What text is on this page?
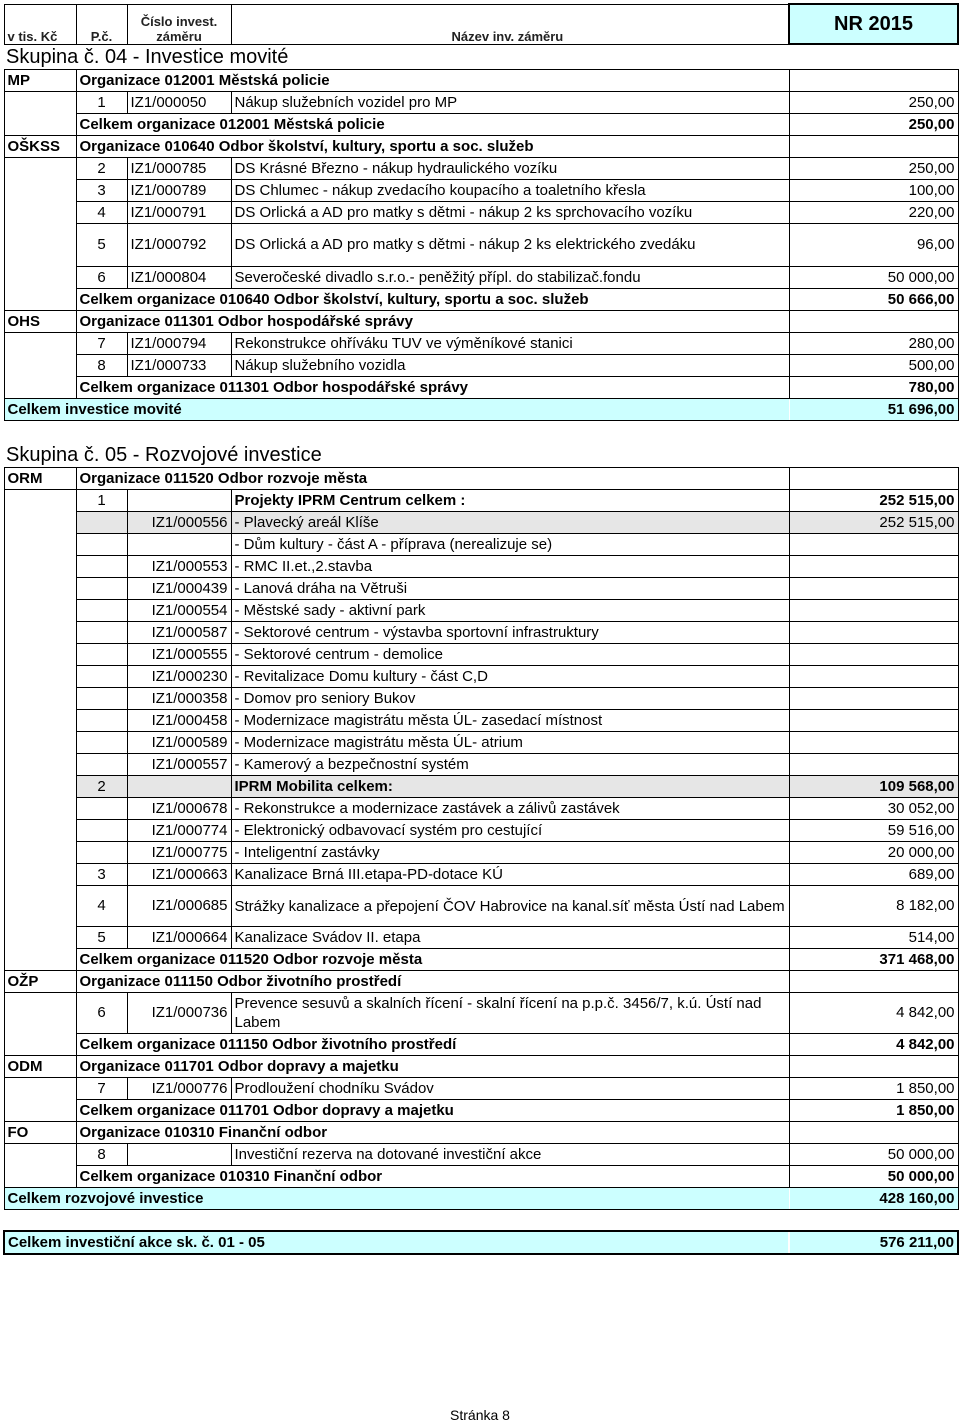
v tis. Kč	P.č.	Číslo invest. záměru	Název inv. záměru	NR 2015
Skupina č. 04 - Investice movité				
MP	Organizace 012001 Městská policie			
	1	IZ1/000050	Nákup služebních vozidel pro MP	250,00
	Celkem organizace 012001 Městská policie			250,00
OŠKSS	Organizace 010640 Odbor školství, kultury, sportu a soc. služeb			
	2	IZ1/000785	DS Krásné Březno - nákup hydraulického vozíku	250,00
	3	IZ1/000789	DS Chlumec - nákup zvedacího koupacího a toaletního křesla	100,00
	4	IZ1/000791	DS Orlická a AD pro matky s dětmi - nákup 2 ks sprchovacího vozíku	220,00
	5	IZ1/000792	DS Orlická a AD pro matky s dětmi - nákup 2 ks elektrického zvedáku	96,00
	6	IZ1/000804	Severočeské divadlo s.r.o.- peněžitý přípl. do stabilizač.fondu	50 000,00
	Celkem organizace 010640 Odbor školství, kultury, sportu a soc. služeb			50 666,00
OHS	Organizace 011301 Odbor hospodářské správy			
	7	IZ1/000794	Rekonstrukce ohříváku TUV ve výměníkové stanici	280,00
	8	IZ1/000733	Nákup služebního vozidla	500,00
	Celkem organizace 011301 Odbor hospodářské správy			780,00
Celkem investice movité				51 696,00

Skupina č. 05 - Rozvojové investice				
ORM	Organizace 011520 Odbor rozvoje města			
	1		Projekty IPRM Centrum celkem :	252 515,00
		IZ1/000556	- Plavecký areál Klíše	252 515,00
			- Dům kultury - část A - příprava (nerealizuje se)	
		IZ1/000553	- RMC II.et.,2.stavba	
		IZ1/000439	- Lanová dráha na Větruši	
		IZ1/000554	- Městské sady - aktivní park	
		IZ1/000587	- Sektorové centrum - výstavba sportovní infrastruktury	
		IZ1/000555	- Sektorové centrum - demolice	
		IZ1/000230	- Revitalizace Domu kultury - část C,D	
		IZ1/000358	- Domov pro seniory Bukov	
		IZ1/000458	- Modernizace magistrátu města ÚL- zasedací místnost	
		IZ1/000589	- Modernizace magistrátu města ÚL- atrium	
		IZ1/000557	- Kamerový a bezpečnostní systém	
	2		IPRM Mobilita celkem:	109 568,00
		IZ1/000678	- Rekonstrukce a modernizace zastávek a zálivů zastávek	30 052,00
		IZ1/000774	- Elektronický odbavovací systém pro cestující	59 516,00
		IZ1/000775	- Inteligentní zastávky	20 000,00
	3	IZ1/000663	Kanalizace Brná III.etapa-PD-dotace KÚ	689,00
	4	IZ1/000685	Strážky kanalizace a přepojení ČOV Habrovice na kanal.síť města Ústí nad Labem	8 182,00
	5	IZ1/000664	Kanalizace Svádov II. etapa	514,00
	Celkem organizace 011520 Odbor rozvoje města			371 468,00
OŽP	Organizace 011150 Odbor životního prostředí			
	6	IZ1/000736	Prevence sesuvů a skalních řícení - skalní řícení na p.p.č. 3456/7, k.ú. Ústí nad Labem	4 842,00
	Celkem organizace 011150 Odbor životního prostředí			4 842,00
ODM	Organizace 011701 Odbor dopravy a majetku			
	7	IZ1/000776	Prodloužení chodníku Svádov	1 850,00
	Celkem organizace 011701 Odbor dopravy a majetku			1 850,00
FO	Organizace 010310 Finanční odbor			
	8		Investiční rezerva na dotované investiční akce	50 000,00
	Celkem organizace 010310 Finanční odbor			50 000,00
Celkem rozvojové investice				428 160,00

Celkem investiční akce sk. č. 01 - 05				576 211,00
Stránka 8
